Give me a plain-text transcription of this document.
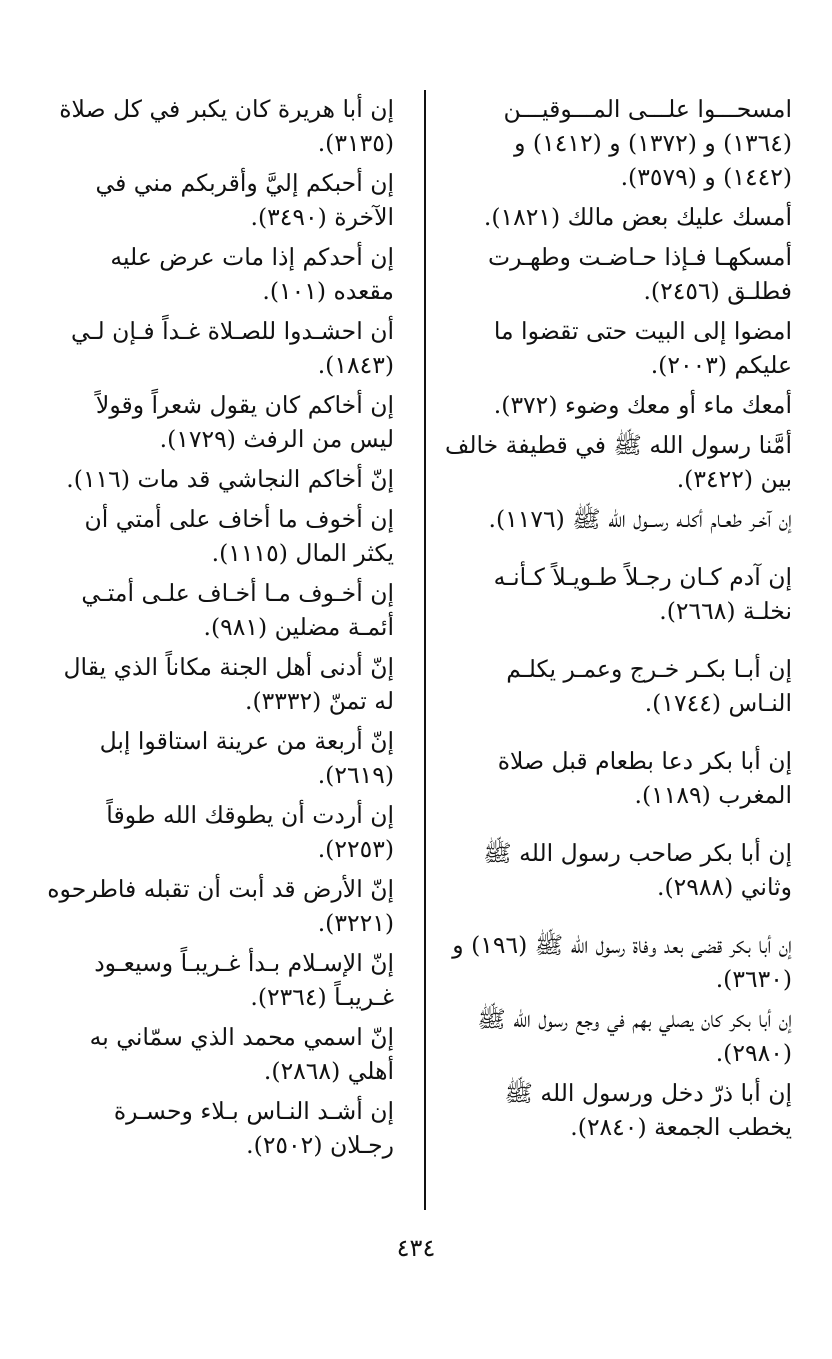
امسحـــوا علـــى المـــوقيـــن (١٣٦٤) و (١٣٧٢) و (١٤١٢) و (١٤٤٢) و (٣٥٧٩).

أمسك عليك بعض مالك (١٨٢١).

أمسكهـا فـإذا حـاضـت وطهـرت فطلـق (٢٤٥٦).

امضوا إلى البيت حتى تقضوا ما عليكم (٢٠٠٣).

أمعك ماء أو معك وضوء (٣٧٢).

أمَّنا رسول الله ﷺ في قطيفة خالف بين (٣٤٢٢).

إن آخـر طعـام أكلـه رســول الله ﷺ (١١٧٦).

إن آدم كـان رجـلاً طـويـلاً كـأنـه نخلـة (٢٦٦٨).

إن أبـا بكـر خـرج وعمـر يكلـم النـاس (١٧٤٤).

إن أبا بكر دعا بطعام قبل صلاة المغرب (١١٨٩).

إن أبا بكر صاحب رسول الله ﷺ وثاني (٢٩٨٨).

إن أبا بكر قضى بعد وفاة رسول الله ﷺ (١٩٦) و (٣٦٣٠).

إن أبا بكر كان يصلي بهم في وجع رسول الله ﷺ (٢٩٨٠).

إن أبا ذرّ دخل ورسول الله ﷺ يخطب الجمعة (٢٨٤٠).

إن أبا هريرة كان يكبر في كل صلاة (٣١٣٥).

إن أحبكم إليَّ وأقربكم مني في الآخرة (٣٤٩٠).

إن أحدكم إذا مات عرض عليه مقعده (١٠١).

أن احشـدوا للصـلاة غـداً فـإن لـي (١٨٤٣).

إن أخاكم كان يقول شعراً وقولاً ليس من الرفث (١٧٢٩).

إنّ أخاكم النجاشي قد مات (١١٦).

إن أخوف ما أخاف على أمتي أن يكثر المال (١١١٥).

إن أخـوف مـا أخـاف علـى أمتـي أئمـة مضلين (٩٨١).

إنّ أدنى أهل الجنة مكاناً الذي يقال له تمنّ (٣٣٣٢).

إنّ أربعة من عرينة استاقوا إبل (٢٦١٩).

إن أردت أن يطوقك الله طوقاً (٢٢٥٣).

إنّ الأرض قد أبت أن تقبله فاطرحوه (٣٢٢١).

إنّ الإسـلام بـدأ غـريبـاً وسيعـود غـريبـاً (٢٣٦٤).

إنّ اسمي محمد الذي سمّاني به أهلي (٢٨٦٨).

إن أشـد النـاس بـلاء وحسـرة رجـلان (٢٥٠٢).

٤٣٤
